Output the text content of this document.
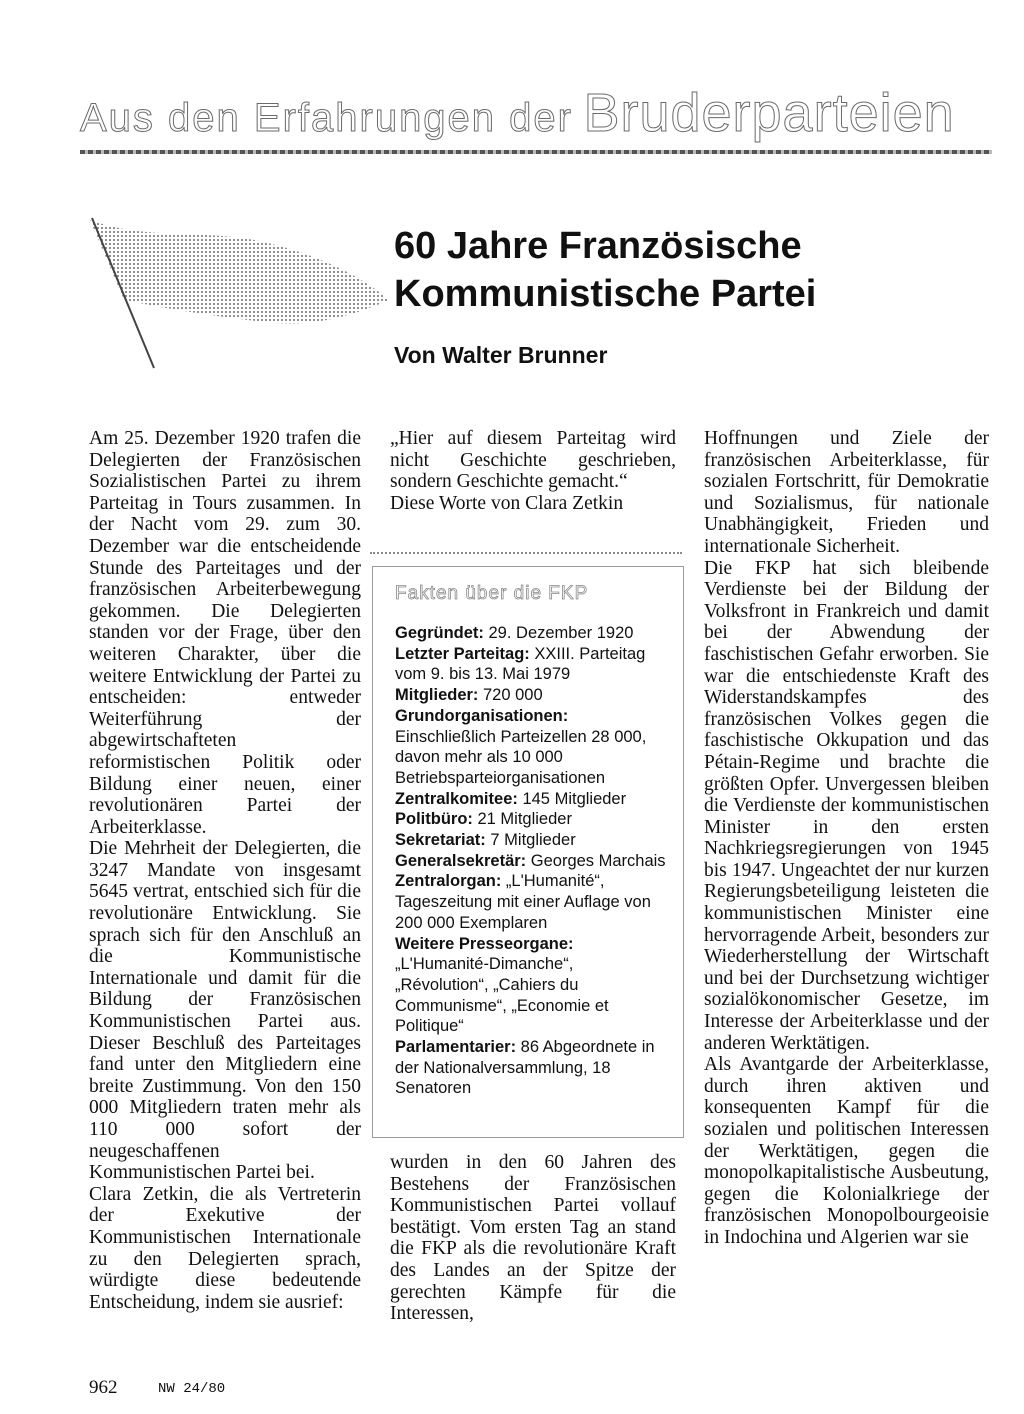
Aus den Erfahrungen der Bruderparteien
60 Jahre Französische
Kommunistische Partei

Von Walter Brunner

Am 25. Dezember 1920 trafen die Delegierten der Französischen Sozialistischen Partei zu ihrem Parteitag in Tours zusammen. In der Nacht vom 29. zum 30. Dezember war die entscheidende Stunde des Parteitages und der französischen Arbeiterbewegung gekommen. Die Delegierten standen vor der Frage, über den weiteren Charakter, über die weitere Entwicklung der Partei zu entscheiden: entweder Weiterführung der abgewirtschafteten reformistischen Politik oder Bildung einer neuen, einer revolutionären Partei der Arbeiterklasse.

Die Mehrheit der Delegierten, die 3247 Mandate von insgesamt 5645 vertrat, entschied sich für die revolutionäre Entwicklung. Sie sprach sich für den Anschluß an die Kommunistische Internationale und damit für die Bildung der Französischen Kommunistischen Partei aus. Dieser Beschluß des Parteitages fand unter den Mitgliedern eine breite Zustimmung. Von den 150 000 Mitgliedern traten mehr als 110 000 sofort der neugeschaffenen Kommunistischen Partei bei.

Clara Zetkin, die als Vertreterin der Exekutive der Kommunistischen Internationale zu den Delegierten sprach, würdigte diese bedeutende Entscheidung, indem sie ausrief:

„Hier auf diesem Parteitag wird nicht Geschichte geschrieben, sondern Geschichte gemacht.“

Diese Worte von Clara Zetkin

Fakten über die FKP

Gegründet: 29. Dezember 1920

Letzter Parteitag: XXIII. Parteitag vom 9. bis 13. Mai 1979

Mitglieder: 720 000

Grundorganisationen: Einschließlich Parteizellen 28 000, davon mehr als 10 000 Betriebsparteiorganisationen

Zentralkomitee: 145 Mitglieder

Politbüro: 21 Mitglieder

Sekretariat: 7 Mitglieder

Generalsekretär: Georges Marchais

Zentralorgan: „L'Humanité“, Tageszeitung mit einer Auflage von 200 000 Exemplaren

Weitere Presseorgane: „L'Humanité-Dimanche“, „Révolution“, „Cahiers du Communisme“, „Economie et Politique“

Parlamentarier: 86 Abgeordnete in der Nationalversammlung, 18 Senatoren

wurden in den 60 Jahren des Bestehens der Französischen Kommunistischen Partei vollauf bestätigt. Vom ersten Tag an stand die FKP als die revolutionäre Kraft des Landes an der Spitze der gerechten Kämpfe für die Interessen,

Hoffnungen und Ziele der französischen Arbeiterklasse, für sozialen Fortschritt, für Demokratie und Sozialismus, für nationale Unabhängigkeit, Frieden und internationale Sicherheit.

Die FKP hat sich bleibende Verdienste bei der Bildung der Volksfront in Frankreich und damit bei der Abwendung der faschistischen Gefahr erworben. Sie war die entschiedenste Kraft des Widerstandskampfes des französischen Volkes gegen die faschistische Okkupation und das Pétain-Regime und brachte die größten Opfer. Unvergessen bleiben die Verdienste der kommunistischen Minister in den ersten Nachkriegsregierungen von 1945 bis 1947. Ungeachtet der nur kurzen Regierungsbeteiligung leisteten die kommunistischen Minister eine hervorragende Arbeit, besonders zur Wiederherstellung der Wirtschaft und bei der Durchsetzung wichtiger sozialökonomischer Gesetze, im Interesse der Arbeiterklasse und der anderen Werktätigen.

Als Avantgarde der Arbeiterklasse, durch ihren aktiven und konsequenten Kampf für die sozialen und politischen Interessen der Werktätigen, gegen die monopolkapitalistische Ausbeutung, gegen die Kolonialkriege der französischen Monopolbourgeoisie in Indochina und Algerien war sie

962	NW 24/80
